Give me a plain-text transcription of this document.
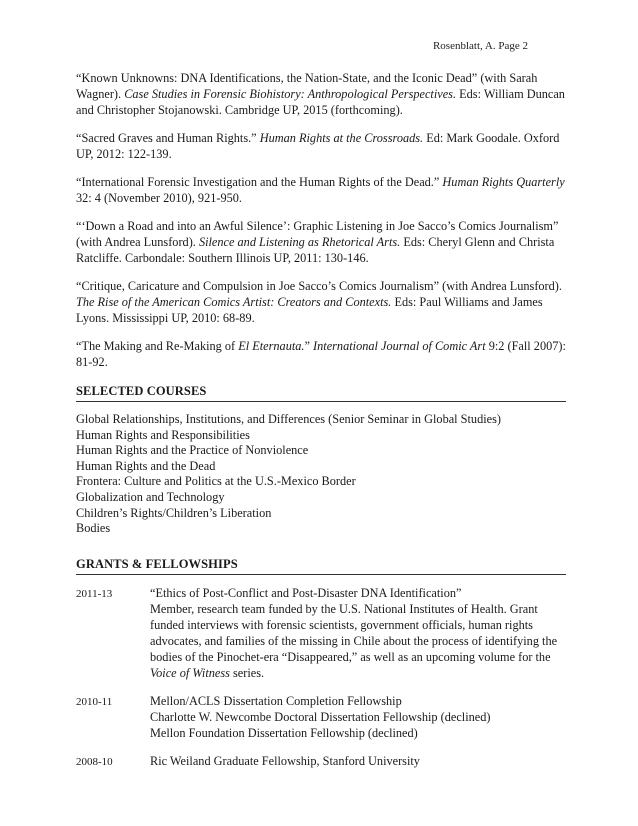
Rosenblatt, A. Page 2

“Known Unknowns: DNA Identifications, the Nation-State, and the Iconic Dead” (with Sarah Wagner). Case Studies in Forensic Biohistory: Anthropological Perspectives. Eds: William Duncan and Christopher Stojanowski. Cambridge UP, 2015 (forthcoming).

“Sacred Graves and Human Rights.” Human Rights at the Crossroads. Ed: Mark Goodale. Oxford UP, 2012: 122-139.

“International Forensic Investigation and the Human Rights of the Dead.” Human Rights Quarterly 32: 4 (November 2010), 921-950.

“‘Down a Road and into an Awful Silence’: Graphic Listening in Joe Sacco’s Comics Journalism” (with Andrea Lunsford). Silence and Listening as Rhetorical Arts. Eds: Cheryl Glenn and Christa Ratcliffe. Carbondale: Southern Illinois UP, 2011: 130-146.

“Critique, Caricature and Compulsion in Joe Sacco’s Comics Journalism” (with Andrea Lunsford). The Rise of the American Comics Artist: Creators and Contexts. Eds: Paul Williams and James Lyons. Mississippi UP, 2010: 68-89.

“The Making and Re-Making of El Eternauta.” International Journal of Comic Art 9:2 (Fall 2007): 81-92.

SELECTED COURSES
Global Relationships, Institutions, and Differences (Senior Seminar in Global Studies)
Human Rights and Responsibilities
Human Rights and the Practice of Nonviolence
Human Rights and the Dead
Frontera: Culture and Politics at the U.S.-Mexico Border
Globalization and Technology
Children’s Rights/Children’s Liberation
Bodies
GRANTS & FELLOWSHIPS
2011-13	“Ethics of Post-Conflict and Post-Disaster DNA Identification”
Member, research team funded by the U.S. National Institutes of Health. Grant funded interviews with forensic scientists, government officials, human rights advocates, and families of the missing in Chile about the process of identifying the bodies of the Pinochet-era “Disappeared,” as well as an upcoming volume for the Voice of Witness series.
2010-11	Mellon/ACLS Dissertation Completion Fellowship
Charlotte W. Newcombe Doctoral Dissertation Fellowship (declined)
Mellon Foundation Dissertation Fellowship (declined)
2008-10	Ric Weiland Graduate Fellowship, Stanford University
